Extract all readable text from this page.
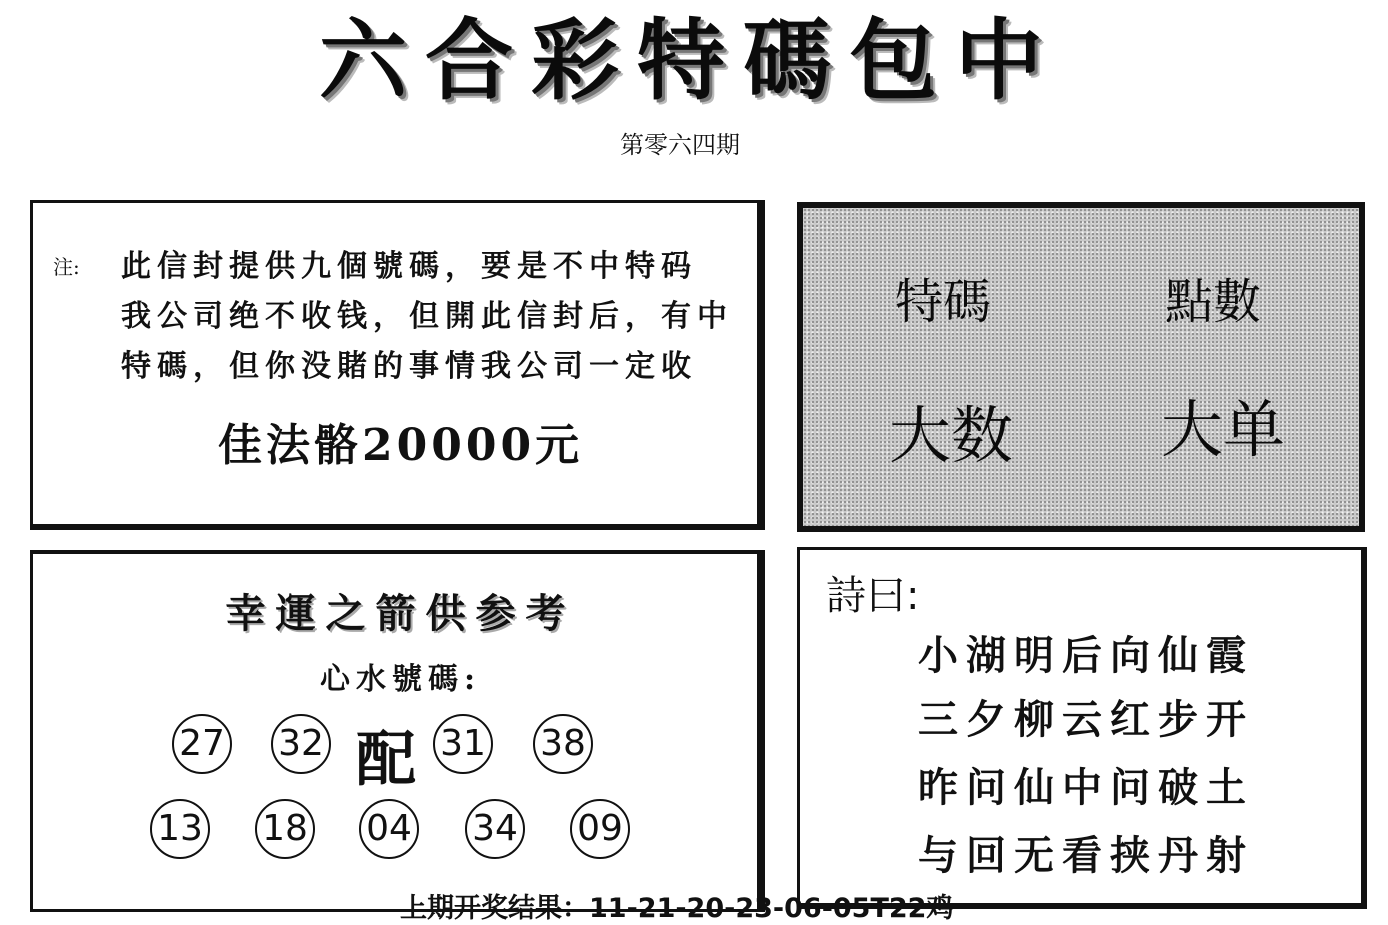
六合彩特碼包中
第零六四期
注: 此信封提供九個號碼，要是不中特码
我公司绝不收钱，但開此信封后，有中
特碼，但你没賭的事情我公司一定收
佳法骼20000元
特碼	點數
大数 大单
幸運之箭供参考
心水號碼:
27 32 配 31 38
13 18 04 34 09
詩曰:
小湖明后向仙霞
三夕柳云红步开
昨问仙中问破土
与回无看挟丹射
上期开奖结果：11-21-20-23-06-05T22鸡
